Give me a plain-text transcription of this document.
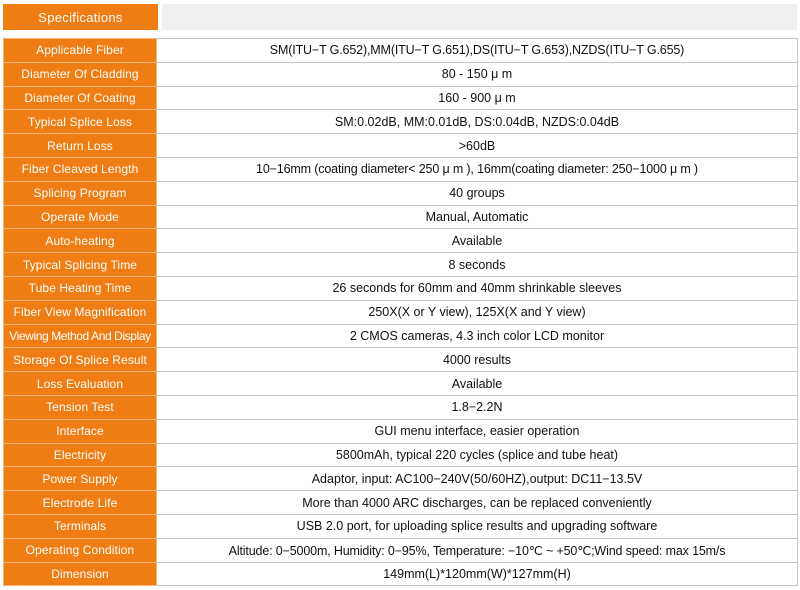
Specifications
Applicable Fiber	SM(ITU−T G.652),MM(ITU−T G.651),DS(ITU−T G.653),NZDS(ITU−T G.655)
Diameter Of Cladding	80 - 150 μ m
Diameter Of Coating	160 - 900 μ m
Typical Splice Loss	SM:0.02dB, MM:0.01dB, DS:0.04dB, NZDS:0.04dB
Return Loss	>60dB
Fiber Cleaved Length	10−16mm (coating diameter< 250 μ m ), 16mm(coating diameter: 250−1000 μ m )
Splicing Program	40 groups
Operate Mode	Manual, Automatic
Auto-heating	Available
Typical Splicing Time	8 seconds
Tube Heating Time	26 seconds for 60mm and 40mm shrinkable sleeves
Fiber View Magnification	250X(X or Y view), 125X(X and Y view)
Viewing Method And Display	2 CMOS cameras, 4.3 inch color LCD monitor
Storage Of Splice Result	4000 results
Loss Evaluation	Available
Tension Test	1.8−2.2N
Interface	GUI menu interface, easier operation
Electricity	5800mAh, typical 220 cycles (splice and tube heat)
Power Supply	Adaptor, input: AC100−240V(50/60HZ),output: DC11−13.5V
Electrode Life	More than 4000 ARC discharges, can be replaced conveniently
Terminals	USB 2.0 port, for uploading splice results and upgrading software
Operating Condition	Altitude: 0−5000m, Humidity: 0−95%, Temperature: −10℃ ~ +50℃;Wind speed: max 15m/s
Dimension	149mm(L)*120mm(W)*127mm(H)
